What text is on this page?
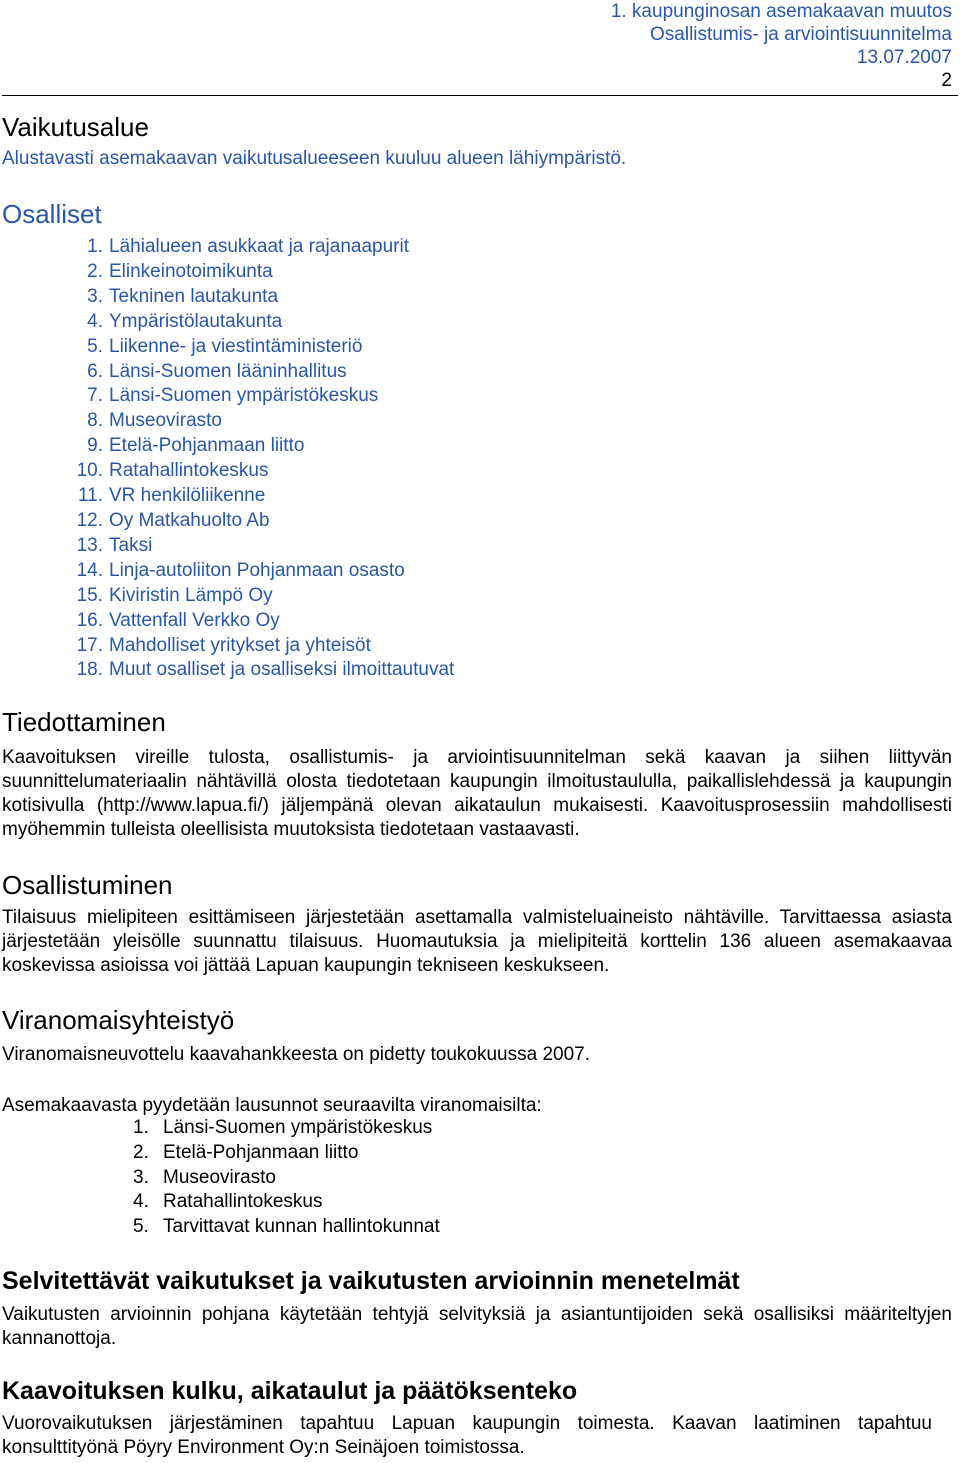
1. kaupunginosan asemakaavan muutos
Osallistumis- ja arviointisuunnitelma
13.07.2007
2
Vaikutusalue

Alustavasti asemakaavan vaikutusalueeseen kuuluu alueen lähiympäristö.

Osalliset
1. Lähialueen asukkaat ja rajanaapurit
2. Elinkeinotoimikunta
3. Tekninen lautakunta
4. Ympäristölautakunta
5. Liikenne- ja viestintäministeriö
6. Länsi-Suomen lääninhallitus
7. Länsi-Suomen ympäristökeskus
8. Museovirasto
9. Etelä-Pohjanmaan liitto
10. Ratahallintokeskus
11. VR henkilöliikenne
12. Oy Matkahuolto Ab
13. Taksi
14. Linja-autoliiton Pohjanmaan osasto
15. Kiviristin Lämpö Oy
16. Vattenfall Verkko Oy
17. Mahdolliset yritykset ja yhteisöt
18. Muut osalliset ja osalliseksi ilmoittautuvat
Tiedottaminen

Kaavoituksen vireille tulosta, osallistumis- ja arviointisuunnitelman sekä kaavan ja siihen liittyvän suunnittelumateriaalin nähtävillä olosta tiedotetaan kaupungin ilmoitustaululla, paikallislehdessä ja kaupungin kotisivulla (http://www.lapua.fi/) jäljempänä olevan aikataulun mukaisesti. Kaavoitusprosessiin mahdollisesti myöhemmin tulleista oleellisista muutoksista tiedotetaan vastaavasti.

Osallistuminen

Tilaisuus mielipiteen esittämiseen järjestetään asettamalla valmisteluaineisto nähtäville. Tarvittaessa asiasta järjestetään yleisölle suunnattu tilaisuus. Huomautuksia ja mielipiteitä korttelin 136 alueen asemakaavaa koskevissa asioissa voi jättää Lapuan kaupungin tekniseen keskukseen.

Viranomaisyhteistyö

Viranomaisneuvottelu kaavahankkeesta on pidetty toukokuussa 2007.

Asemakaavasta pyydetään lausunnot seuraavilta viranomaisilta:

1. Länsi-Suomen ympäristökeskus
2. Etelä-Pohjanmaan liitto
3. Museovirasto
4. Ratahallintokeskus
5. Tarvittavat kunnan hallintokunnat
Selvitettävät vaikutukset ja vaikutusten arvioinnin menetelmät

Vaikutusten arvioinnin pohjana käytetään tehtyjä selvityksiä ja asiantuntijoiden sekä osallisiksi määriteltyjen kannanottoja.

Kaavoituksen kulku, aikataulut ja päätöksenteko

Vuorovaikutuksen järjestäminen tapahtuu Lapuan kaupungin toimesta. Kaavan laatiminen tapahtuu konsulttityönä Pöyry Environment Oy:n Seinäjoen toimistossa.
